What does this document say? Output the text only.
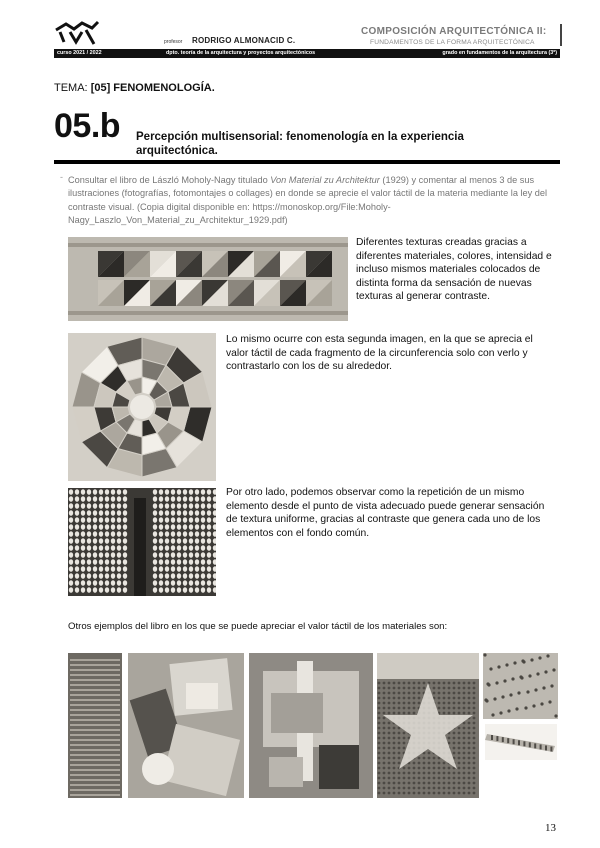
profesor RODRIGO ALMONACID C.
COMPOSICIÓN ARQUITECTÓNICA II:
FUNDAMENTOS DE LA FORMA ARQUITECTÓNICA
curso 2021 / 2022	dpto. teoría de la arquitectura y proyectos arquitectónicos	grado en fundamentos de la arquitectura (3º)
TEMA: [05] FENOMENOLOGÍA.
05.b Percepción multisensorial: fenomenología en la experiencia arquitectónica.
- Consultar el libro de László Moholy-Nagy titulado Von Material zu Architektur (1929) y comentar al menos 3 de sus ilustraciones (fotografías, fotomontajes o collages) en donde se aprecie el valor táctil de la materia mediante la ley del contraste visual. (Copia digital disponible en: https://monoskop.org/File:Moholy-Nagy_Laszlo_Von_Material_zu_Architektur_1929.pdf)
Diferentes texturas creadas gracias a diferentes materiales, colores, intensidad e incluso mismos materiales colocados de distinta forma da sensación de nuevas texturas al generar contraste.
Lo mismo ocurre con esta segunda imagen, en la que se aprecia el valor táctil de cada fragmento de la circunferencia solo con verlo y contrastarlo con los de su alrededor.
Por otro lado, podemos observar como la repetición de un mismo elemento desde el punto de vista adecuado puede generar sensación de textura uniforme, gracias al contraste que genera cada uno de los elementos con el fondo común.
Otros ejemplos del libro en los que se puede apreciar el valor táctil de los materiales son:
13
